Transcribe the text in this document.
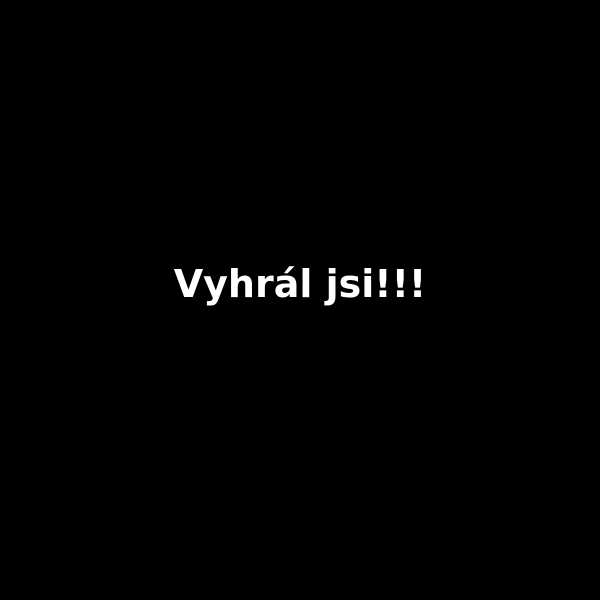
Vyhrál jsi!!!
